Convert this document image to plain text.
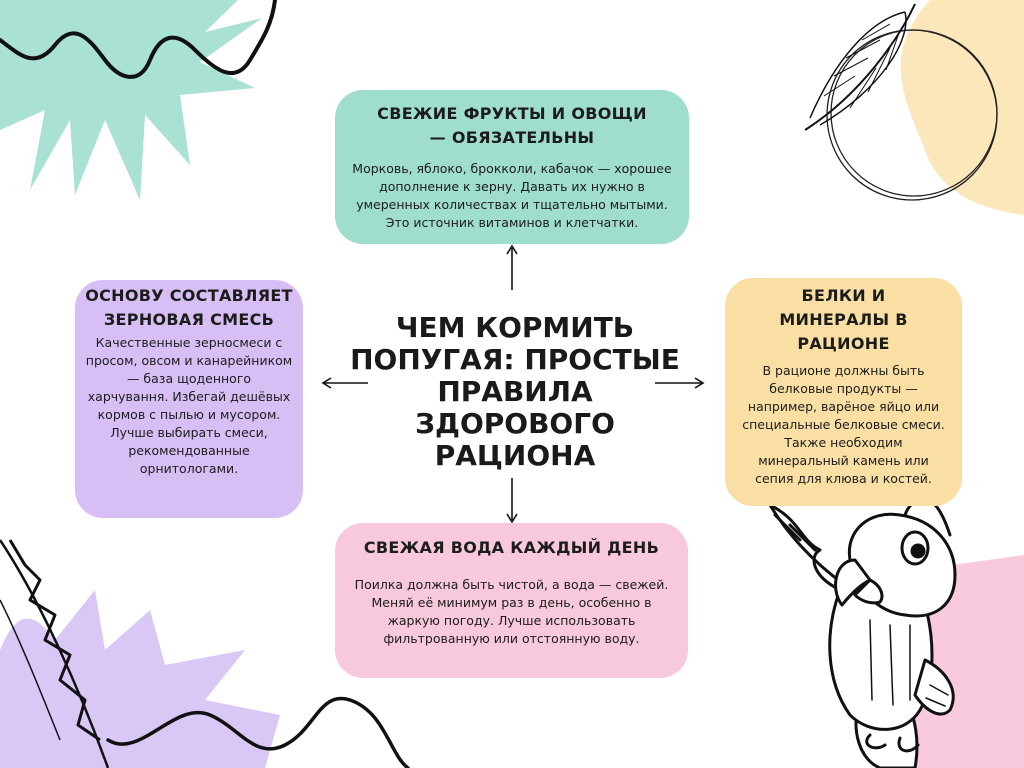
ЧЕМ КОРМИТЬ ПОПУГАЯ: ПРОСТЫЕ ПРАВИЛА ЗДОРОВОГО РАЦИОНА
СВЕЖИЕ ФРУКТЫ И ОВОЩИ — ОБЯЗАТЕЛЬНЫ

Морковь, яблоко, брокколи, кабачок — хорошее дополнение к зерну. Давать их нужно в умеренных количествах и тщательно мытыми. Это источник витаминов и клетчатки.

ОСНОВУ СОСТАВЛЯЕТ ЗЕРНОВАЯ СМЕСЬ

Качественные зерносмеси с просом, овсом и канарейником — база щоденного харчування. Избегай дешёвых кормов с пылью и мусором. Лучше выбирать смеси, рекомендованные орнитологами.

БЕЛКИ И МИНЕРАЛЫ В РАЦИОНЕ

В рационе должны быть белковые продукты — например, варёное яйцо или специальные белковые смеси. Также необходим минеральный камень или сепия для клюва и костей.

СВЕЖАЯ ВОДА КАЖДЫЙ ДЕНЬ

Поилка должна быть чистой, а вода — свежей. Меняй её минимум раз в день, особенно в жаркую погоду. Лучше использовать фильтрованную или отстоянную воду.
